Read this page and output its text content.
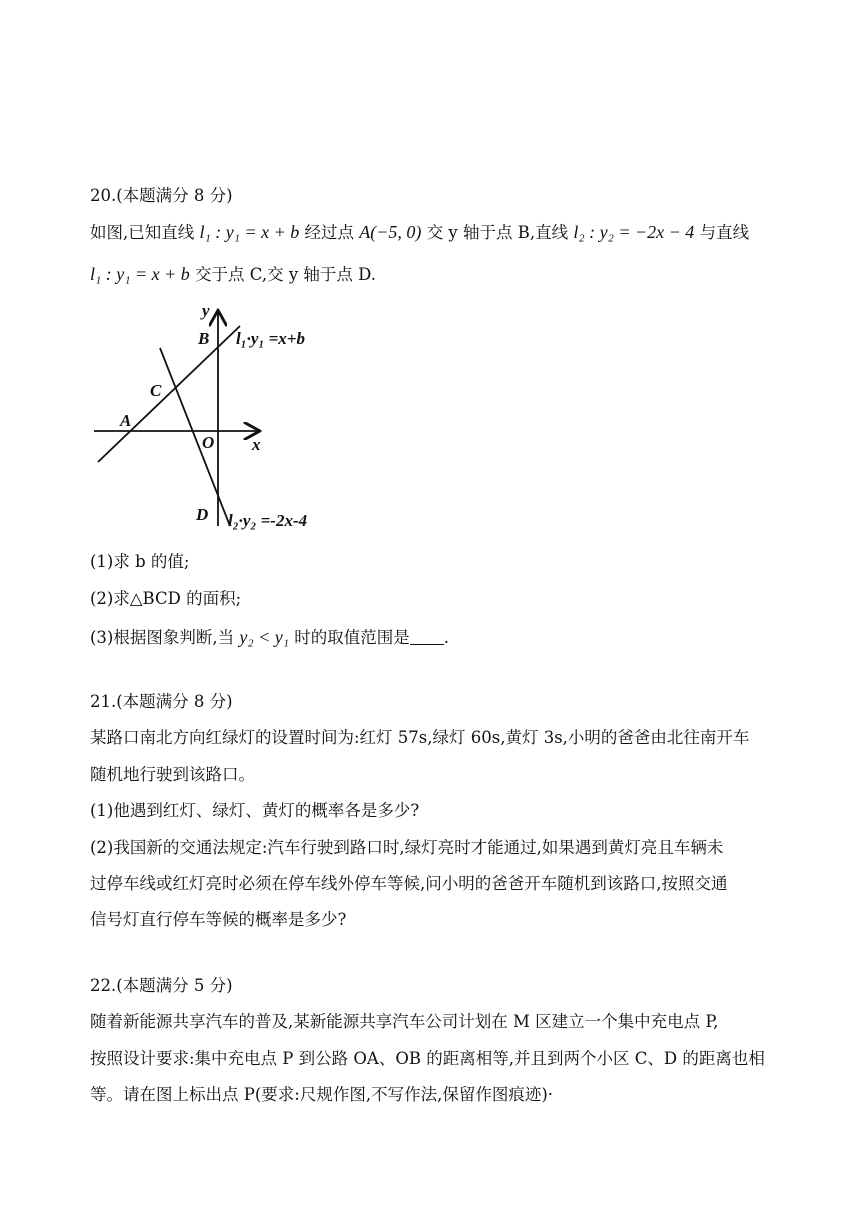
20.(本题满分 8 分)
如图,已知直线 l₁ : y₁ = x + b 经过点 A(−5, 0) 交 y 轴于点 B,直线 l₂ : y₂ = −2x − 4 与直线
l₁ : y₁ = x + b 交于点 C,交 y 轴于点 D.
y
x
B
C
A
O
D
l₁·y₁ =x+b
l₂·y₂ =-2x-4
(1)求 b 的值;
(2)求△BCD 的面积;
(3)根据图象判断,当 y₂ < y₁ 时的取值范围是 .
21.(本题满分 8 分)
某路口南北方向红绿灯的设置时间为:红灯 57s,绿灯 60s,黄灯 3s,小明的爸爸由北往南开车
随机地行驶到该路口。
(1)他遇到红灯、绿灯、黄灯的概率各是多少?
(2)我国新的交通法规定:汽车行驶到路口时,绿灯亮时才能通过,如果遇到黄灯亮且车辆未
过停车线或红灯亮时必须在停车线外停车等候,问小明的爸爸开车随机到该路口,按照交通
信号灯直行停车等候的概率是多少?
22.(本题满分 5 分)
随着新能源共享汽车的普及,某新能源共享汽车公司计划在 M 区建立一个集中充电点 P,
按照设计要求:集中充电点 P 到公路 OA、OB 的距离相等,并且到两个小区 C、D 的距离也相
等。请在图上标出点 P(要求:尺规作图,不写作法,保留作图痕迹)·
